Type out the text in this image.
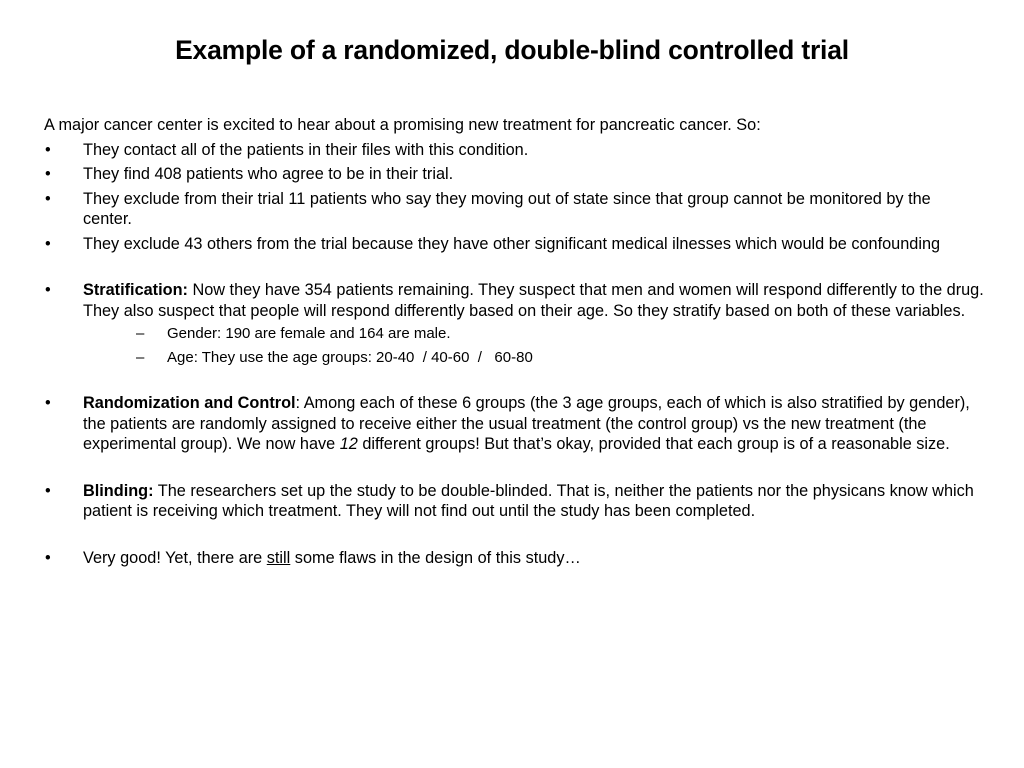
Example of a randomized, double-blind controlled trial

A major cancer center is excited to hear about a promising new treatment for pancreatic cancer. So:

• They contact all of the patients in their files with this condition.
• They find 408 patients who agree to be in their trial.
• They exclude from their trial 11 patients who say they moving out of state since that group cannot be monitored by the center.
• They exclude 43 others from the trial because they have other significant medical ilnesses which would be confounding
• Stratification: Now they have 354 patients remaining. They suspect that men and women will respond differently to the drug. They also suspect that people will respond differently based on their age. So they stratify based on both of these variables.
– Gender: 190 are female and 164 are male.
– Age: They use the age groups: 20-40  / 40-60  /   60-80
• Randomization and Control: Among each of these 6 groups (the 3 age groups, each of which is also stratified by gender), the patients are randomly assigned to receive either the usual treatment (the control group) vs the new treatment (the experimental group). We now have 12 different groups! But that’s okay, provided that each group is of a reasonable size.
• Blinding: The researchers set up the study to be double-blinded. That is, neither the patients nor the physicans know which patient is receiving which treatment. They will not find out until the study has been completed.
• Very good! Yet, there are still some flaws in the design of this study…
